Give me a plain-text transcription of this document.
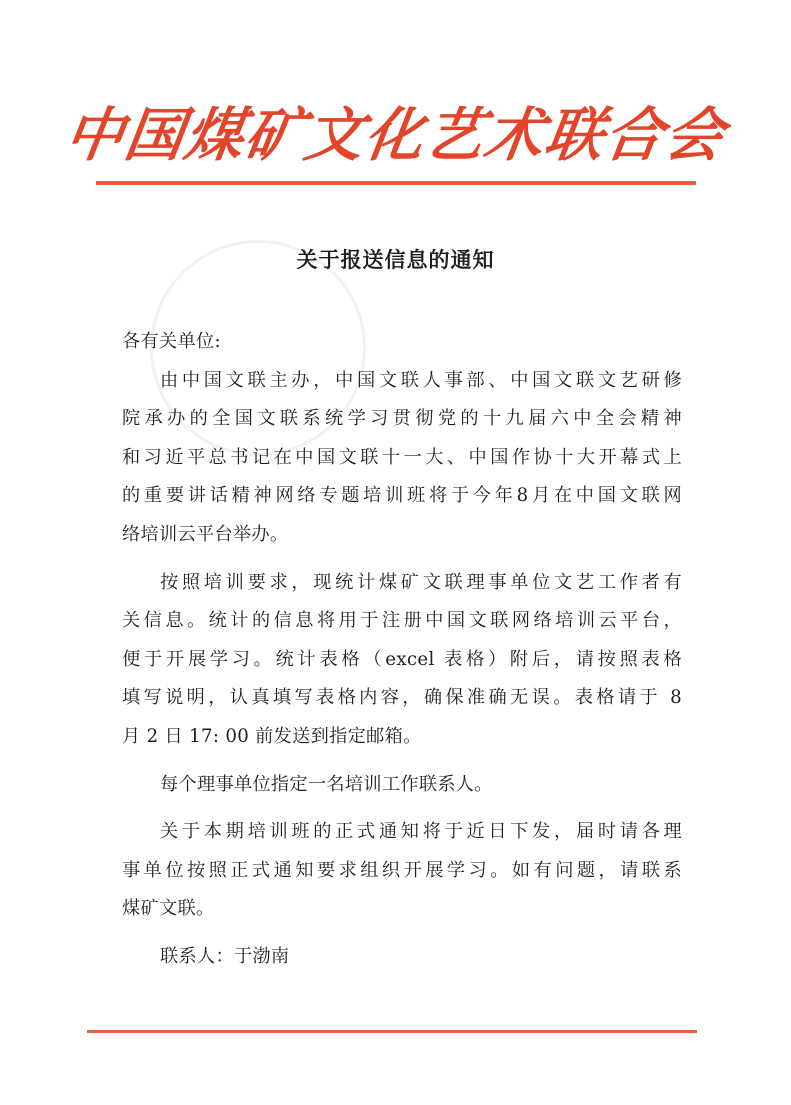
中国煤矿文化艺术联合会
关于报送信息的通知
各有关单位:
由中国文联主办，中国文联人事部、中国文联文艺研修
院承办的全国文联系统学习贯彻党的十九届六中全会精神
和习近平总书记在中国文联十一大、中国作协十大开幕式上
的重要讲话精神网络专题培训班将于今年8月在中国文联网
络培训云平台举办。
按照培训要求，现统计煤矿文联理事单位文艺工作者有
关信息。统计的信息将用于注册中国文联网络培训云平台，
便于开展学习。统计表格（excel 表格）附后，请按照表格
填写说明，认真填写表格内容，确保准确无误。表格请于 8
月 2 日 17: 00 前发送到指定邮箱。
每个理事单位指定一名培训工作联系人。
关于本期培训班的正式通知将于近日下发，届时请各理
事单位按照正式通知要求组织开展学习。如有问题，请联系
煤矿文联。
联系人：于渤南
